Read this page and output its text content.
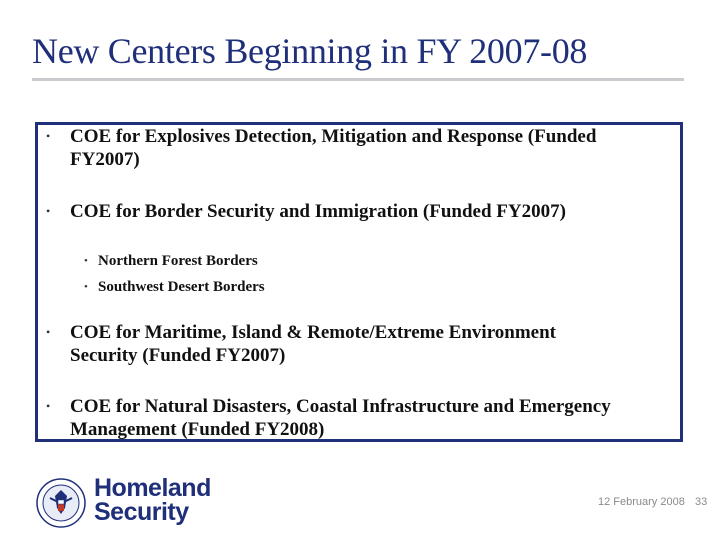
New Centers Beginning in FY 2007-08
• COE for Explosives Detection, Mitigation and Response (Funded FY2007)
• COE for Border Security and Immigration (Funded FY2007)
• Northern Forest Borders
• Southwest Desert Borders
• COE for Maritime, Island & Remote/Extreme Environment Security (Funded FY2007)
• COE for Natural Disasters, Coastal Infrastructure and Emergency Management (Funded FY2008)
Homeland
Security	12 February 2008 33
